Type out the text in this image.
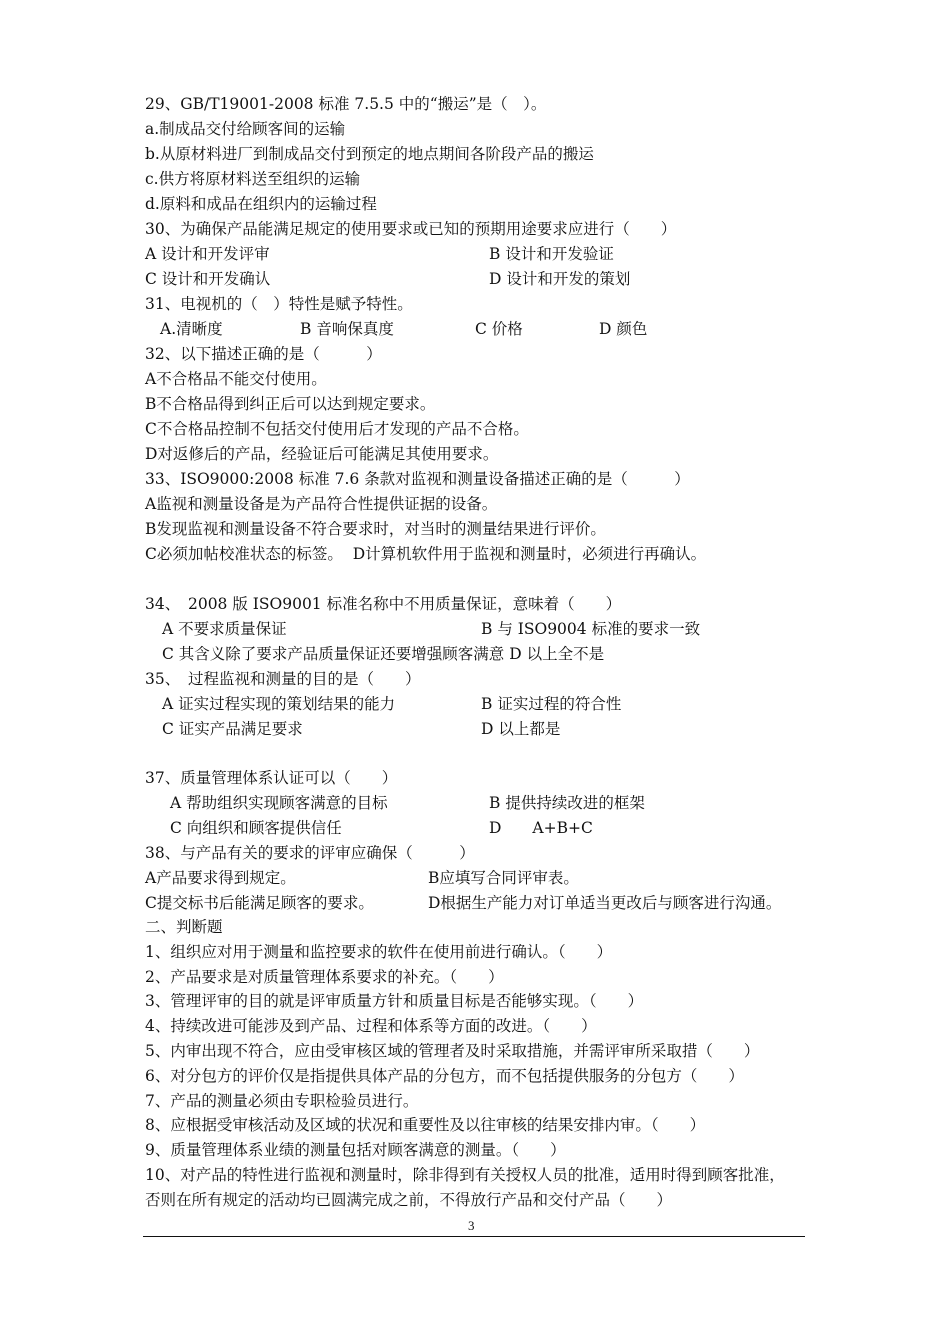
29、GB/T19001-2008 标准 7.5.5 中的“搬运”是（　）。
a.制成品交付给顾客间的运输
b.从原材料进厂到制成品交付到预定的地点期间各阶段产品的搬运
c.供方将原材料送至组织的运输
d.原料和成品在组织内的运输过程
30、为确保产品能满足规定的使用要求或已知的预期用途要求应进行（　　）
A 设计和开发评审	B 设计和开发验证
C 设计和开发确认	D 设计和开发的策划
31、电视机的（　）特性是赋予特性。
A.清晰度	B 音响保真度	C 价格	D 颜色
32、以下描述正确的是（　　　）
A不合格品不能交付使用。
B不合格品得到纠正后可以达到规定要求。
C不合格品控制不包括交付使用后才发现的产品不合格。
D对返修后的产品，经验证后可能满足其使用要求。
33、ISO9000:2008 标准 7.6 条款对监视和测量设备描述正确的是（　　　）
A监视和测量设备是为产品符合性提供证据的设备。
B发现监视和测量设备不符合要求时，对当时的测量结果进行评价。
C必须加帖校准状态的标签。  D计算机软件用于监视和测量时，必须进行再确认。
34、　2008 版 ISO9001 标准名称中不用质量保证，意味着（　　）
A 不要求质量保证	B 与 ISO9004 标准的要求一致
C 其含义除了要求产品质量保证还要增强顾客满意 D 以上全不是
35、　过程监视和测量的目的是（　　）
A 证实过程实现的策划结果的能力	B 证实过程的符合性
C 证实产品满足要求	D 以上都是
37、质量管理体系认证可以（　　）
A 帮助组织实现顾客满意的目标	B 提供持续改进的框架
C 向组织和顾客提供信任	D　　A+B+C
38、与产品有关的要求的评审应确保（　　　）
A产品要求得到规定。	B应填写合同评审表。
C提交标书后能满足顾客的要求。	D根据生产能力对订单适当更改后与顾客进行沟通。
二、判断题
1、组织应对用于测量和监控要求的软件在使用前进行确认。（　　）
2、产品要求是对质量管理体系要求的补充。（　　）
3、管理评审的目的就是评审质量方针和质量目标是否能够实现。（　　）
4、持续改进可能涉及到产品、过程和体系等方面的改进。（　　）
5、内审出现不符合，应由受审核区域的管理者及时采取措施，并需评审所采取措（　　）
6、对分包方的评价仅是指提供具体产品的分包方，而不包括提供服务的分包方（　　）
7、产品的测量必须由专职检验员进行。
8、应根据受审核活动及区域的状况和重要性及以往审核的结果安排内审。（　　）
9、质量管理体系业绩的测量包括对顾客满意的测量。（　　）
10、对产品的特性进行监视和测量时，除非得到有关授权人员的批准，适用时得到顾客批准，
否则在所有规定的活动均已圆满完成之前，不得放行产品和交付产品（　　）
3
